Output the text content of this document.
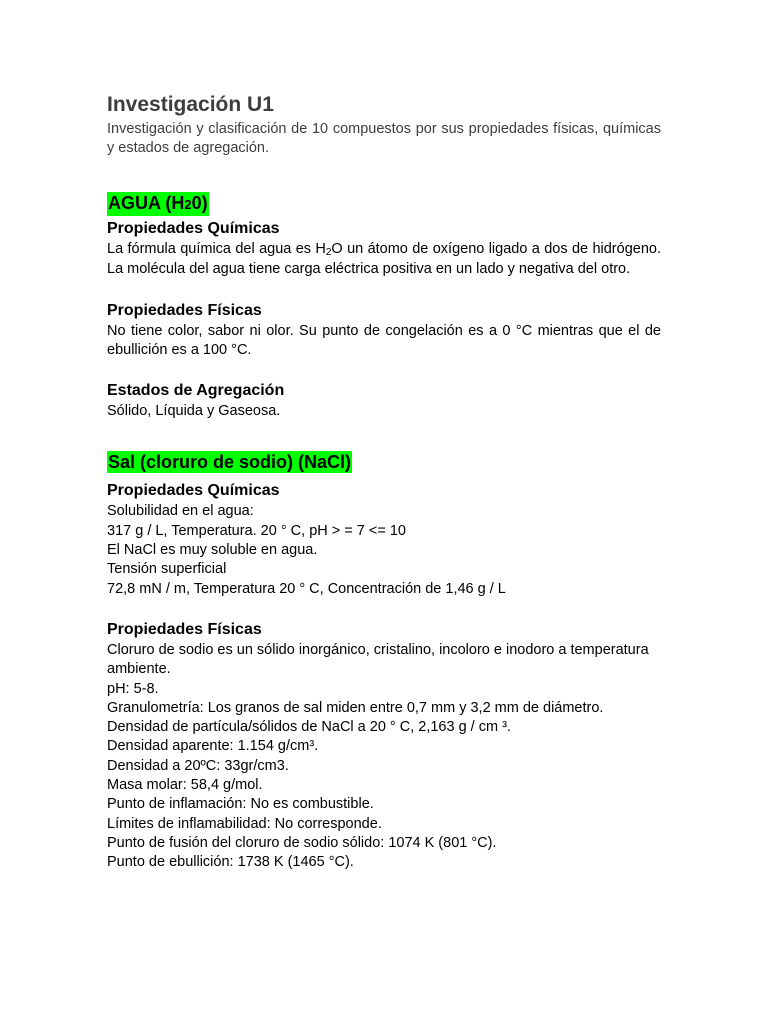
Investigación U1

Investigación y clasificación de 10 compuestos por sus propiedades físicas, químicas y estados de agregación.

AGUA (H20)
Propiedades Químicas

La fórmula química del agua es H2O un átomo de oxígeno ligado a dos de hidrógeno. La molécula del agua tiene carga eléctrica positiva en un lado y negativa del otro.

Propiedades Físicas

No tiene color, sabor ni olor. Su punto de congelación es a 0 °C mientras que el de ebullición es a 100 °C.

Estados de Agregación

Sólido, Líquida y Gaseosa.

Sal (cloruro de sodio) (NaCl)
Propiedades Químicas
Solubilidad en el agua:
317 g / L, Temperatura. 20 ° C, pH > = 7 <= 10
El NaCl es muy soluble en agua.
Tensión superficial
72,8 mN / m, Temperatura 20 ° C, Concentración de 1,46 g / L
Propiedades Físicas

Cloruro de sodio es un sólido inorgánico, cristalino, incoloro e inodoro a temperatura ambiente.

pH: 5-8.
Granulometría: Los granos de sal miden entre 0,7 mm y 3,2 mm de diámetro.
Densidad de partícula/sólidos de NaCl a 20 ° C, 2,163 g / cm ³.
Densidad aparente: 1.154 g/cm³.
Densidad a 20ºC: 33gr/cm3.
Masa molar: 58,4 g/mol.
Punto de inflamación: No es combustible.
Límites de inflamabilidad: No corresponde.
Punto de fusión del cloruro de sodio sólido: 1074 K (801 °C).
Punto de ebullición: 1738 K (1465 °C).
